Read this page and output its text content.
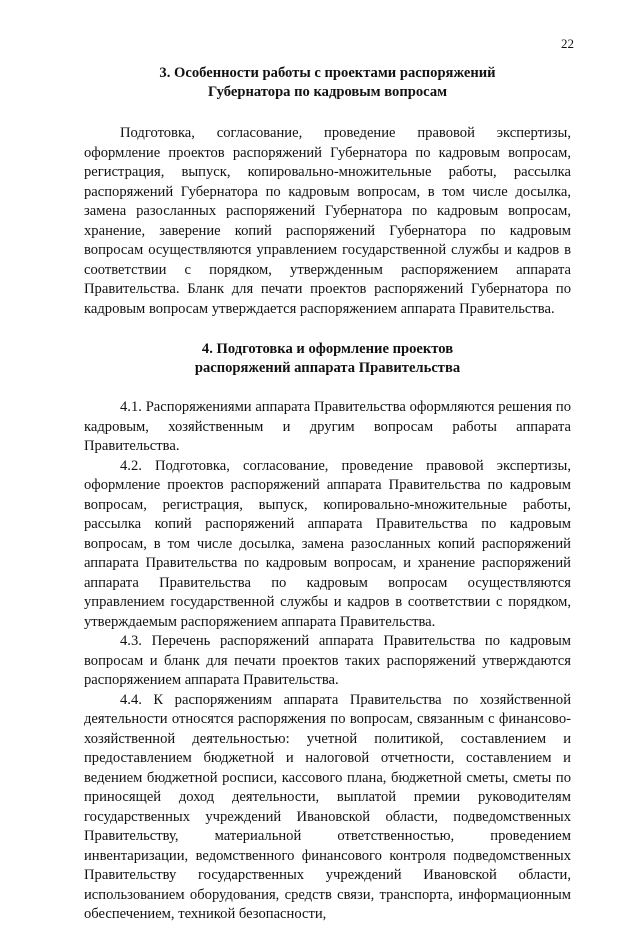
22
3. Особенности работы с проектами распоряжений
Губернатора по кадровым вопросам

Подготовка, согласование, проведение правовой экспертизы, оформление проектов распоряжений Губернатора по кадровым вопросам, регистрация, выпуск, копировально-множительные работы, рассылка распоряжений Губернатора по кадровым вопросам, в том числе досылка, замена разосланных распоряжений Губернатора по кадровым вопросам, хранение, заверение копий распоряжений Губернатора по кадровым вопросам осуществляются управлением государственной службы и кадров в соответствии с порядком, утвержденным распоряжением аппарата Правительства. Бланк для печати проектов распоряжений Губернатора по кадровым вопросам утверждается распоряжением аппарата Правительства.

4. Подготовка и оформление проектов
распоряжений аппарата Правительства

4.1. Распоряжениями аппарата Правительства оформляются решения по кадровым, хозяйственным и другим вопросам работы аппарата Правительства.

4.2. Подготовка, согласование, проведение правовой экспертизы, оформление проектов распоряжений аппарата Правительства по кадровым вопросам, регистрация, выпуск, копировально-множительные работы, рассылка копий распоряжений аппарата Правительства по кадровым вопросам, в том числе досылка, замена разосланных копий распоряжений аппарата Правительства по кадровым вопросам, и хранение распоряжений аппарата Правительства по кадровым вопросам осуществляются управлением государственной службы и кадров в соответствии с порядком, утверждаемым распоряжением аппарата Правительства.

4.3. Перечень распоряжений аппарата Правительства по кадровым вопросам и бланк для печати проектов таких распоряжений утверждаются распоряжением аппарата Правительства.

4.4. К распоряжениям аппарата Правительства по хозяйственной деятельности относятся распоряжения по вопросам, связанным с финансово-хозяйственной деятельностью: учетной политикой, составлением и предоставлением бюджетной и налоговой отчетности, составлением и ведением бюджетной росписи, кассового плана, бюджетной сметы, сметы по приносящей доход деятельности, выплатой премии руководителям государственных учреждений Ивановской области, подведомственных Правительству, материальной ответственностью, проведением инвентаризации, ведомственного финансового контроля подведомственных Правительству государственных учреждений Ивановской области, использованием оборудования, средств связи, транспорта, информационным обеспечением, техникой безопасности,
